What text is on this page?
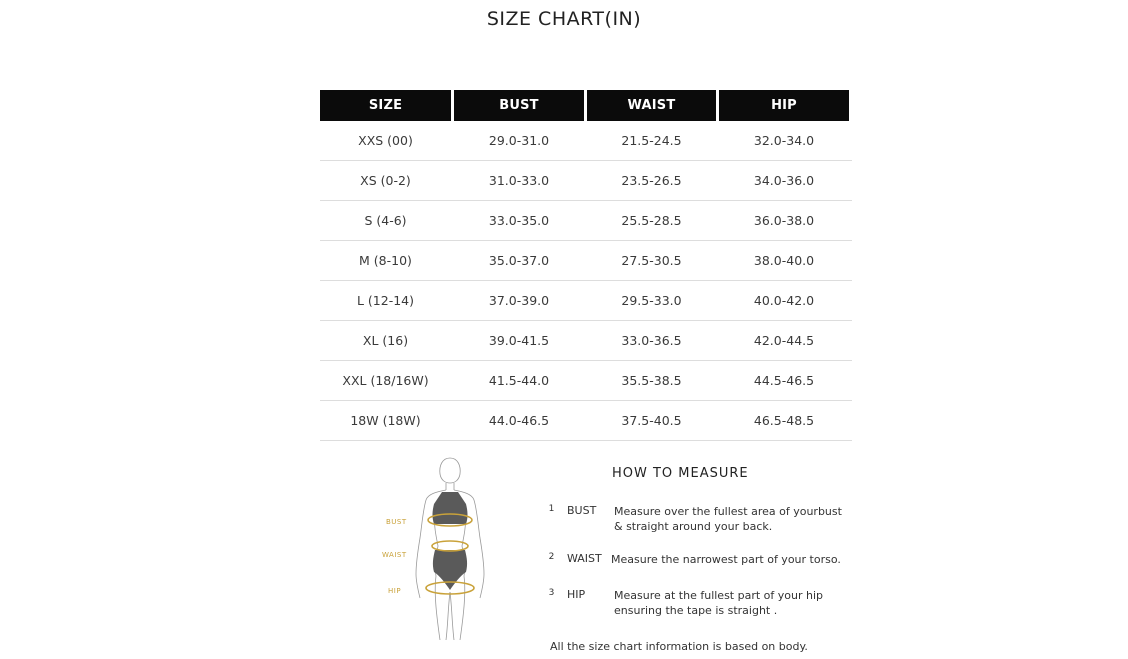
SIZE CHART(IN)
SIZE	BUST	WAIST	HIP
XXS (00)	29.0-31.0	21.5-24.5	32.0-34.0
XS (0-2)	31.0-33.0	23.5-26.5	34.0-36.0
S (4-6)	33.0-35.0	25.5-28.5	36.0-38.0
M (8-10)	35.0-37.0	27.5-30.5	38.0-40.0
L (12-14)	37.0-39.0	29.5-33.0	40.0-42.0
XL (16)	39.0-41.5	33.0-36.5	42.0-44.5
XXL (18/16W)	41.5-44.0	35.5-38.5	44.5-46.5
18W (18W)	44.0-46.5	37.5-40.5	46.5-48.5
BUST
WAIST
HIP
HOW TO MEASURE
1 BUST Measure over the fullest area of yourbust
& straight around your back.
2 WAIST Measure the narrowest part of your torso.
3 HIP	Measure at the fullest part of your hip
ensuring the tape is straight .
All the size chart information is based on body.
